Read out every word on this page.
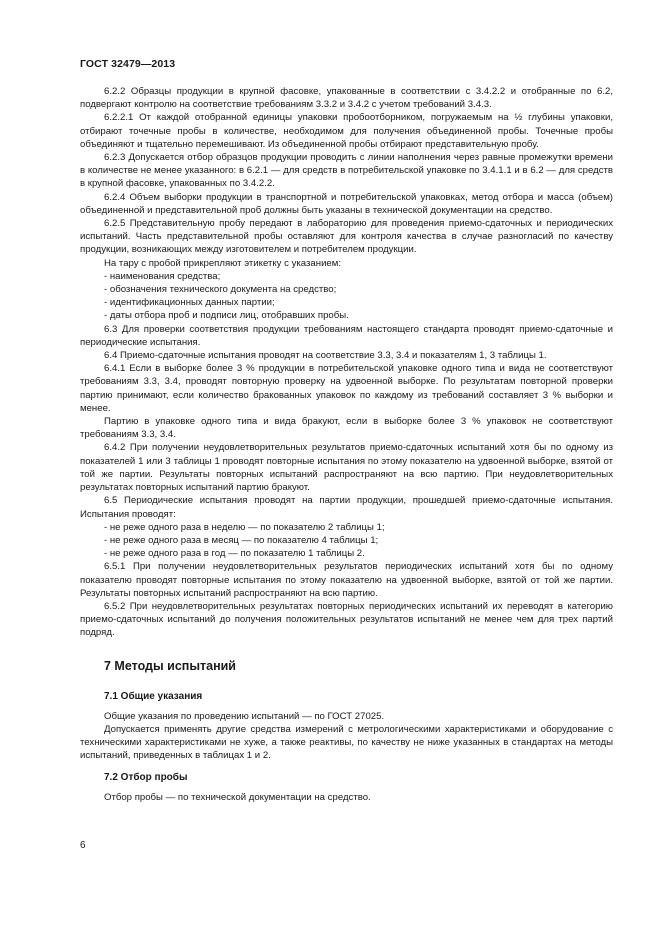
ГОСТ 32479—2013

6.2.2 Образцы продукции в крупной фасовке, упакованные в соответствии с 3.4.2.2 и отобранные по 6.2, подвергают контролю на соответствие требованиям 3.3.2 и 3.4.2 с учетом требований 3.4.3.

6.2.2.1 От каждой отобранной единицы упаковки пробоотборником, погружаемым на ½ глубины упаковки, отбирают точечные пробы в количестве, необходимом для получения объединенной пробы. Точечные пробы объединяют и тщательно перемешивают. Из объединенной пробы отбирают представительную пробу.

6.2.3 Допускается отбор образцов продукции проводить с линии наполнения через равные промежутки времени в количестве не менее указанного: в 6.2.1 — для средств в потребительской упаковке по 3.4.1.1 и в 6.2 — для средств в крупной фасовке, упакованных по 3.4.2.2.

6.2.4 Объем выборки продукции в транспортной и потребительской упаковках, метод отбора и масса (объем) объединенной и представительной проб должны быть указаны в технической документации на средство.

6.2.5 Представительную пробу передают в лабораторию для проведения приемо-сдаточных и периодических испытаний. Часть представительной пробы оставляют для контроля качества в случае разногласий по качеству продукции, возникающих между изготовителем и потребителем продукции.

На тару с пробой прикрепляют этикетку с указанием:

- наименования средства;

- обозначения технического документа на средство;

- идентификационных данных партии;

- даты отбора проб и подписи лиц, отобравших пробы.

6.3 Для проверки соответствия продукции требованиям настоящего стандарта проводят приемо-сдаточные и периодические испытания.

6.4 Приемо-сдаточные испытания проводят на соответствие 3.3, 3.4 и показателям 1, 3 таблицы 1.

6.4.1 Если в выборке более 3 % продукции в потребительской упаковке одного типа и вида не соответствуют требованиям 3.3, 3.4, проводят повторную проверку на удвоенной выборке. По результатам повторной проверки партию принимают, если количество бракованных упаковок по каждому из требований составляет 3 % выборки и менее.

Партию в упаковке одного типа и вида бракуют, если в выборке более 3 % упаковок не соответствуют требованиям 3.3, 3.4.

6.4.2 При получении неудовлетворительных результатов приемо-сдаточных испытаний хотя бы по одному из показателей 1 или 3 таблицы 1 проводят повторные испытания по этому показателю на удвоенной выборке, взятой от той же партии. Результаты повторных испытаний распространяют на всю партию. При неудовлетворительных результатах повторных испытаний партию бракуют.

6.5 Периодические испытания проводят на партии продукции, прошедшей приемо-сдаточные испытания. Испытания проводят:

- не реже одного раза в неделю — по показателю 2 таблицы 1;

- не реже одного раза в месяц — по показателю 4 таблицы 1;

- не реже одного раза в год — по показателю 1 таблицы 2.

6.5.1 При получении неудовлетворительных результатов периодических испытаний хотя бы по одному показателю проводят повторные испытания по этому показателю на удвоенной выборке, взятой от той же партии. Результаты повторных испытаний распространяют на всю партию.

6.5.2 При неудовлетворительных результатах повторных периодических испытаний их переводят в категорию приемо-сдаточных испытаний до получения положительных результатов испытаний не менее чем для трех партий подряд.

7 Методы испытаний
7.1 Общие указания

Общие указания по проведению испытаний — по ГОСТ 27025.

Допускается применять другие средства измерений с метрологическими характеристиками и оборудование с техническими характеристиками не хуже, а также реактивы, по качеству не ниже указанных в стандартах на методы испытаний, приведенных в таблицах 1 и 2.

7.2 Отбор пробы

Отбор пробы — по технической документации на средство.

6
